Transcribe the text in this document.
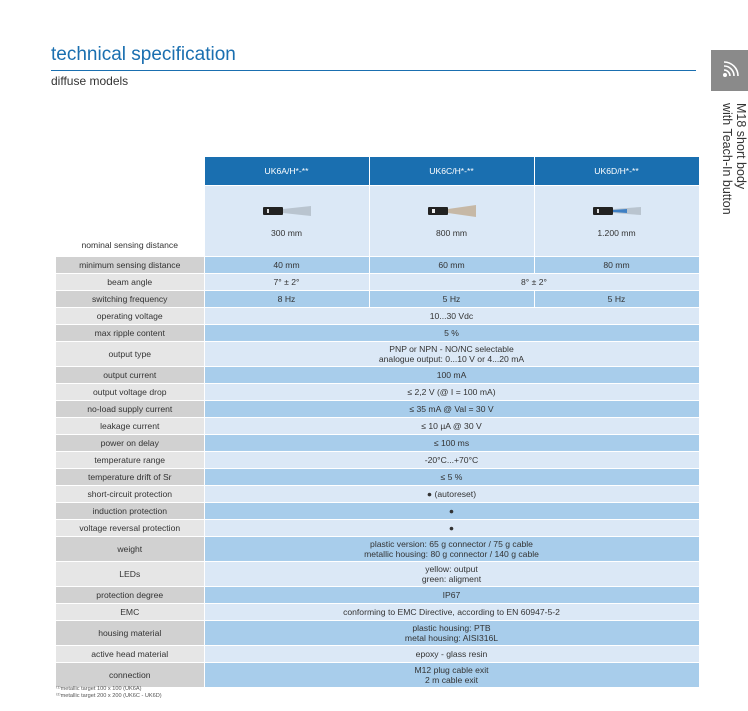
technical specification
diffuse models
M18 short body
with Teach-In button
	UK6A/H*-**	UK6C/H*-**	UK6D/H*-**
nominal sensing distance	300 mm	800 mm	1.200 mm

minimum sensing distance	40 mm	60 mm	80 mm
beam angle	7° ± 2°	8° ± 2°	
switching frequency	8 Hz	5 Hz	5 Hz
operating voltage	10...30 Vdc		
max ripple content	5 %		
output type	PNP or NPN - NO/NC selectable
analogue output: 0...10 V or 4...20 mA		

output current	100 mA		
output voltage drop	≤ 2,2 V (@ I = 100 mA)		
no-load supply current	≤ 35 mA @ Val = 30 V		
leakage current	≤ 10 µA @ 30 V		
power on delay	≤ 100 ms		
temperature range	-20°C...+70°C		
temperature drift of Sr	≤ 5 %		
short-circuit protection	● (autoreset)		
induction protection	●		
voltage reversal protection	●		
weight	plastic version: 65 g connector / 75 g cable
metallic housing: 80 g connector / 140 g cable		

LEDs	yellow: output
green: aligment		

protection degree	IP67		
EMC	conforming to EMC Directive, according to EN 60947-5-2		
housing material	plastic housing: PTB
metal housing: AISI316L		

active head material	epoxy - glass resin		
connection	M12 plug cable exit
2 m cable exit		
⁽¹⁾metallic target 100 x 100 (UK6A)
⁽²⁾metallic target 200 x 200 (UK6C - UK6D)
